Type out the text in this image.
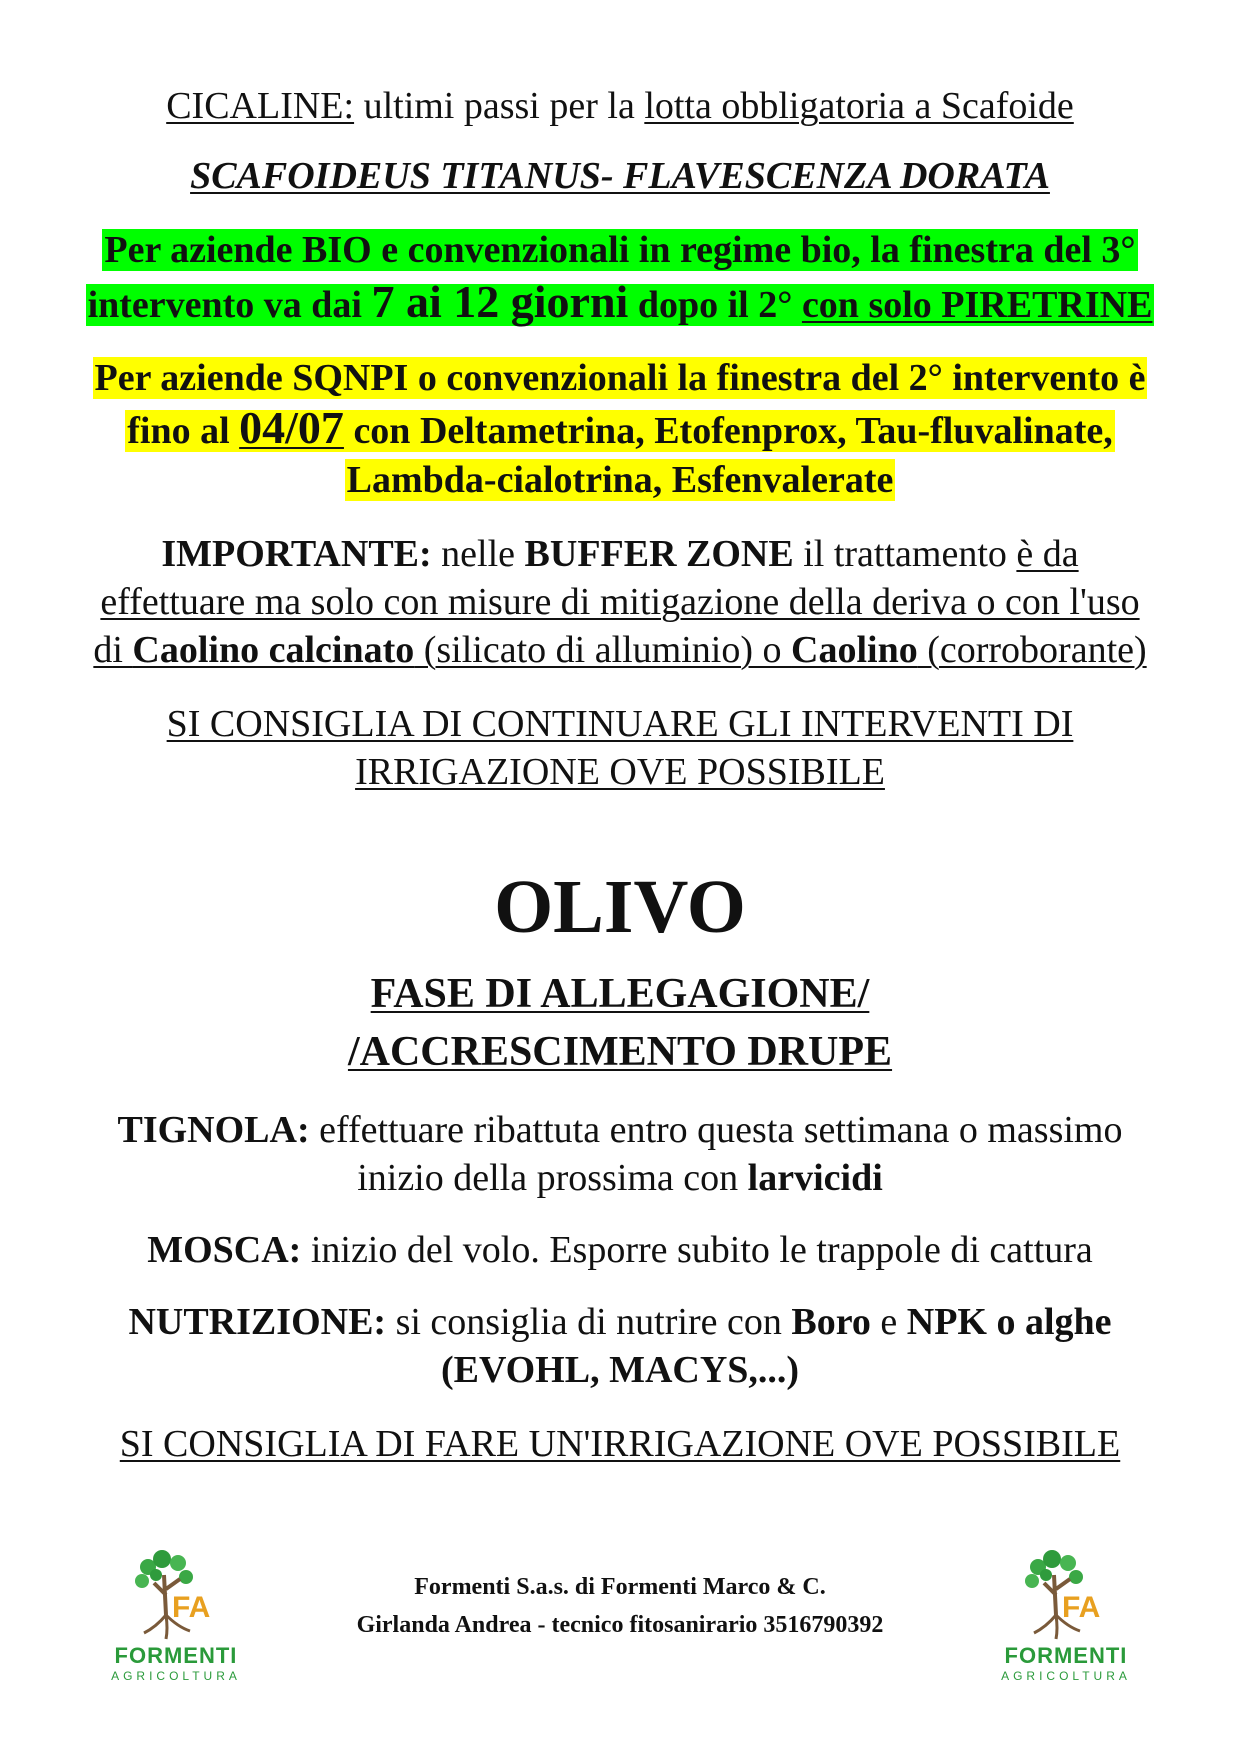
CICALINE: ultimi passi per la lotta obbligatoria a Scafoide
SCAFOIDEUS TITANUS- FLAVESCENZA DORATA
Per aziende BIO e convenzionali in regime bio, la finestra del 3°
intervento va dai 7 ai 12 giorni dopo il 2° con solo PIRETRINE
Per aziende SQNPI o convenzionali la finestra del 2° intervento è
fino al 04/07 con Deltametrina, Etofenprox, Tau-fluvalinate,
Lambda-cialotrina, Esfenvalerate
IMPORTANTE: nelle BUFFER ZONE il trattamento è da
effettuare ma solo con misure di mitigazione della deriva o con l'uso
di Caolino calcinato (silicato di alluminio) o Caolino (corroborante)
SI CONSIGLIA DI CONTINUARE GLI INTERVENTI DI
IRRIGAZIONE OVE POSSIBILE
OLIVO
FASE DI ALLEGAGIONE/
/ACCRESCIMENTO DRUPE
TIGNOLA: effettuare ribattuta entro questa settimana o massimo
inizio della prossima con larvicidi
MOSCA: inizio del volo. Esporre subito le trappole di cattura
NUTRIZIONE: si consiglia di nutrire con Boro e NPK o alghe
(EVOHL, MACYS,...)
SI CONSIGLIA DI FARE UN'IRRIGAZIONE OVE POSSIBILE
Formenti S.a.s. di Formenti Marco & C.
Girlanda Andrea - tecnico fitosanirario 3516790392
FA
FORMENTI
AGRICOLTURA
FA
FORMENTI
AGRICOLTURA
